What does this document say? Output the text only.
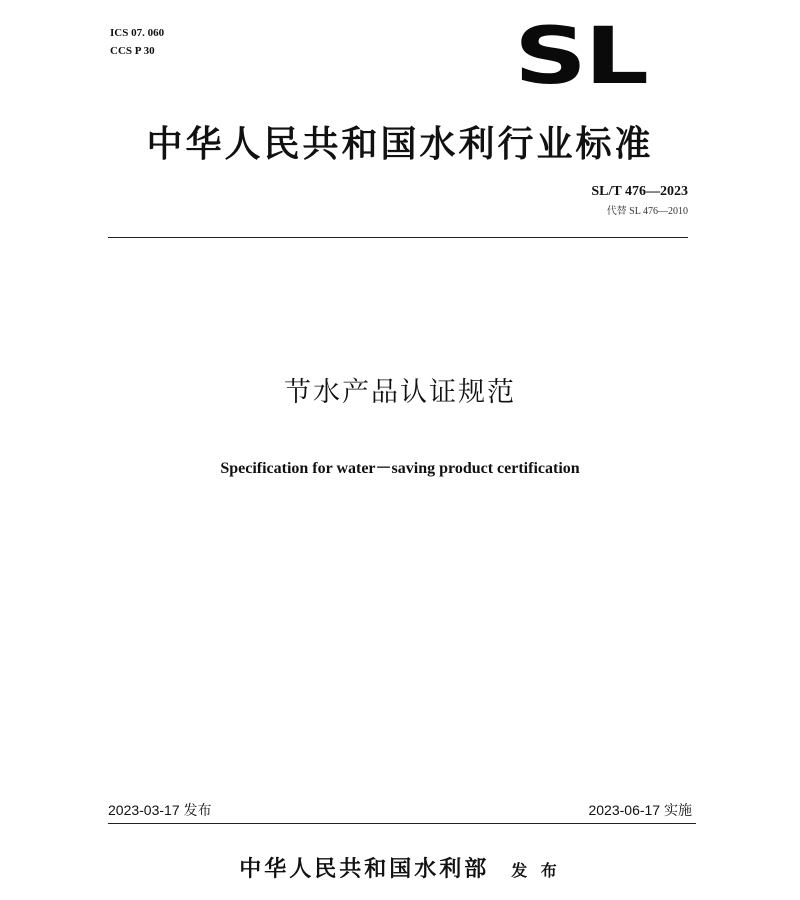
ICS 07. 060
CCS P 30	SL
中华人民共和国水利行业标准
SL/T 476—2023
代替 SL 476—2010
节水产品认证规范
Specification for water－saving product certification
2023-03-17 发布	2023-06-17 实施
中华人民共和国水利部 发 布
